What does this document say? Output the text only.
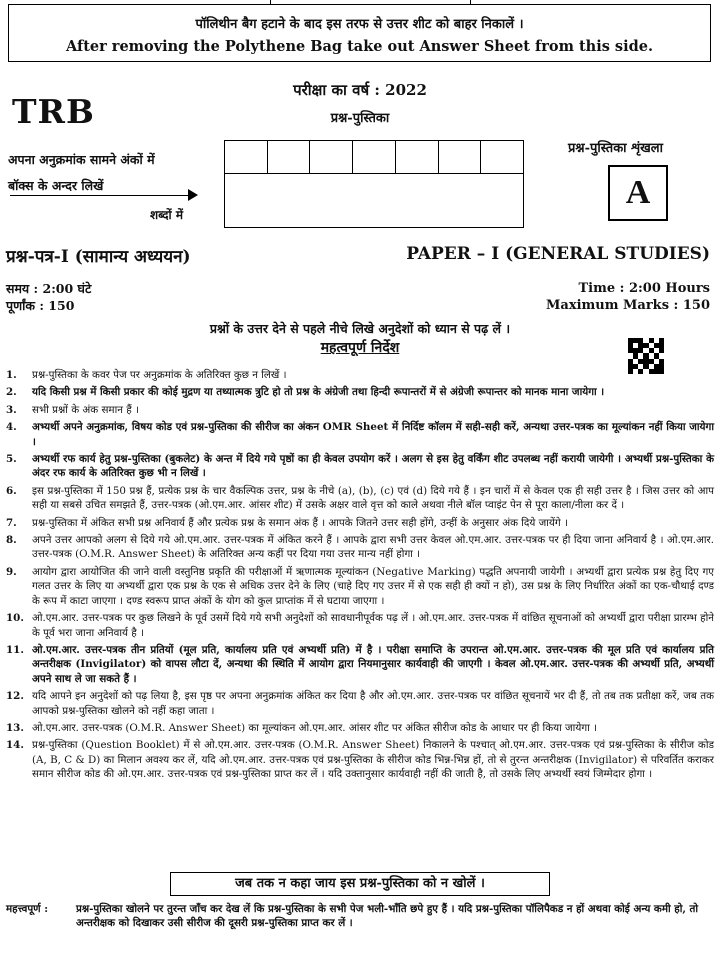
पॉलिथीन बैग हटाने के बाद इस तरफ से उत्तर शीट को बाहर निकालें ।
After removing the Polythene Bag take out Answer Sheet from this side.
परीक्षा का वर्ष : 2022
प्रश्न-पुस्तिका
TRB
अपना अनुक्रमांक सामने अंकों में
बॉक्स के अन्दर लिखें
शब्दों में
प्रश्न-पुस्तिका शृंखला
A
प्रश्न-पत्र-I (सामान्य अध्ययन)	PAPER – I (GENERAL STUDIES)
समय : 2:00 घंटे
पूर्णांक : 150
Time : 2:00 Hours
Maximum Marks : 150
प्रश्नों के उत्तर देने से पहले नीचे लिखे अनुदेशों को ध्यान से पढ़ लें ।
महत्वपूर्ण निर्देश
1.	प्रश्न-पुस्तिका के कवर पेज पर अनुक्रमांक के अतिरिक्त कुछ न लिखें ।
2.	यदि किसी प्रश्न में किसी प्रकार की कोई मुद्रण या तथ्यात्मक त्रुटि हो तो प्रश्न के अंग्रेजी तथा हिन्दी रूपान्तरों में से अंग्रेजी रूपान्तर को मानक माना जायेगा ।
3.	सभी प्रश्नों के अंक समान हैं ।
4.	अभ्यर्थी अपने अनुक्रमांक, विषय कोड एवं प्रश्न-पुस्तिका की सीरीज का अंकन OMR Sheet में निर्दिष्ट कॉलम में सही-सही करें, अन्यथा उत्तर-पत्रक का मूल्यांकन नहीं किया जायेगा ।
5.	अभ्यर्थी रफ कार्य हेतु प्रश्न-पुस्तिका (बुकलेट) के अन्त में दिये गये पृष्ठों का ही केवल उपयोग करें । अलग से इस हेतु वर्किंग शीट उपलब्ध नहीं करायी जायेगी । अभ्यर्थी प्रश्न-पुस्तिका के अंदर रफ कार्य के अतिरिक्त कुछ भी न लिखें ।
6.	इस प्रश्न-पुस्तिका में 150 प्रश्न हैं, प्रत्येक प्रश्न के चार वैकल्पिक उत्तर, प्रश्न के नीचे (a), (b), (c) एवं (d) दिये गये हैं । इन चारों में से केवल एक ही सही उत्तर है । जिस उत्तर को आप सही या सबसे उचित समझते हैं, उत्तर-पत्रक (ओ.एम.आर. आंसर शीट) में उसके अक्षर वाले वृत्त को काले अथवा नीले बॉल प्वाइंट पेन से पूरा काला/नीला कर दें ।
7.	प्रश्न-पुस्तिका में अंकित सभी प्रश्न अनिवार्य हैं और प्रत्येक प्रश्न के समान अंक हैं । आपके जितने उत्तर सही होंगे, उन्हीं के अनुसार अंक दिये जायेंगे ।
8.	अपने उत्तर आपको अलग से दिये गये ओ.एम.आर. उत्तर-पत्रक में अंकित करने हैं । आपके द्वारा सभी उत्तर केवल ओ.एम.आर. उत्तर-पत्रक पर ही दिया जाना अनिवार्य है । ओ.एम.आर. उत्तर-पत्रक (O.M.R. Answer Sheet) के अतिरिक्त अन्य कहीं पर दिया गया उत्तर मान्य नहीं होगा ।
9.	आयोग द्वारा आयोजित की जाने वाली वस्तुनिष्ठ प्रकृति की परीक्षाओं में ऋणात्मक मूल्यांकन (Negative Marking) पद्धति अपनायी जायेगी । अभ्यर्थी द्वारा प्रत्येक प्रश्न हेतु दिए गए गलत उत्तर के लिए या अभ्यर्थी द्वारा एक प्रश्न के एक से अधिक उत्तर देने के लिए (चाहे दिए गए उत्तर में से एक सही ही क्यों न हो), उस प्रश्न के लिए निर्धारित अंकों का एक-चौथाई दण्ड के रूप में काटा जाएगा । दण्ड स्वरूप प्राप्त अंकों के योग को कुल प्राप्तांक में से घटाया जाएगा ।
10. ओ.एम.आर. उत्तर-पत्रक पर कुछ लिखने के पूर्व उसमें दिये गये सभी अनुदेशों को सावधानीपूर्वक पढ़ लें । ओ.एम.आर. उत्तर-पत्रक में वांछित सूचनाओं को अभ्यर्थी द्वारा परीक्षा प्रारम्भ होने के पूर्व भरा जाना अनिवार्य है ।
11. ओ.एम.आर. उत्तर-पत्रक तीन प्रतियों (मूल प्रति, कार्यालय प्रति एवं अभ्यर्थी प्रति) में है । परीक्षा समाप्ति के उपरान्त ओ.एम.आर. उत्तर-पत्रक की मूल प्रति एवं कार्यालय प्रति अन्तरीक्षक (Invigilator) को वापस लौटा दें, अन्यथा की स्थिति में आयोग द्वारा नियमानुसार कार्यवाही की जाएगी । केवल ओ.एम.आर. उत्तर-पत्रक की अभ्यर्थी प्रति, अभ्यर्थी अपने साथ ले जा सकते हैं ।
12. यदि आपने इन अनुदेशों को पढ़ लिया है, इस पृष्ठ पर अपना अनुक्रमांक अंकित कर दिया है और ओ.एम.आर. उत्तर-पत्रक पर वांछित सूचनायें भर दी हैं, तो तब तक प्रतीक्षा करें, जब तक आपको प्रश्न-पुस्तिका खोलने को नहीं कहा जाता ।
13. ओ.एम.आर. उत्तर-पत्रक (O.M.R. Answer Sheet) का मूल्यांकन ओ.एम.आर. आंसर शीट पर अंकित सीरीज कोड के आधार पर ही किया जायेगा ।
14. प्रश्न-पुस्तिका (Question Booklet) में से ओ.एम.आर. उत्तर-पत्रक (O.M.R. Answer Sheet) निकालने के पश्चात् ओ.एम.आर. उत्तर-पत्रक एवं प्रश्न-पुस्तिका के सीरीज कोड (A, B, C & D) का मिलान अवश्य कर लें, यदि ओ.एम.आर. उत्तर-पत्रक एवं प्रश्न-पुस्तिका के सीरीज कोड भिन्न-भिन्न हों, तो से तुरन्त अन्तरीक्षक (Invigilator) से परिवर्तित कराकर समान सीरीज कोड की ओ.एम.आर. उत्तर-पत्रक एवं प्रश्न-पुस्तिका प्राप्त कर लें । यदि उक्तानुसार कार्यवाही नहीं की जाती है, तो उसके लिए अभ्यर्थी स्वयं जिम्मेदार होगा ।
जब तक न कहा जाय इस प्रश्न-पुस्तिका को न खोलें ।
महत्त्वपूर्ण :	प्रश्न-पुस्तिका खोलने पर तुरन्त जाँच कर देख लें कि प्रश्न-पुस्तिका के सभी पेज भली-भाँति छपे हुए हैं । यदि प्रश्न-पुस्तिका पॉलिपैकड न हों अथवा कोई अन्य कमी हो, तो अन्तरीक्षक को दिखाकर उसी सीरीज की दूसरी प्रश्न-पुस्तिका प्राप्त कर लें ।
